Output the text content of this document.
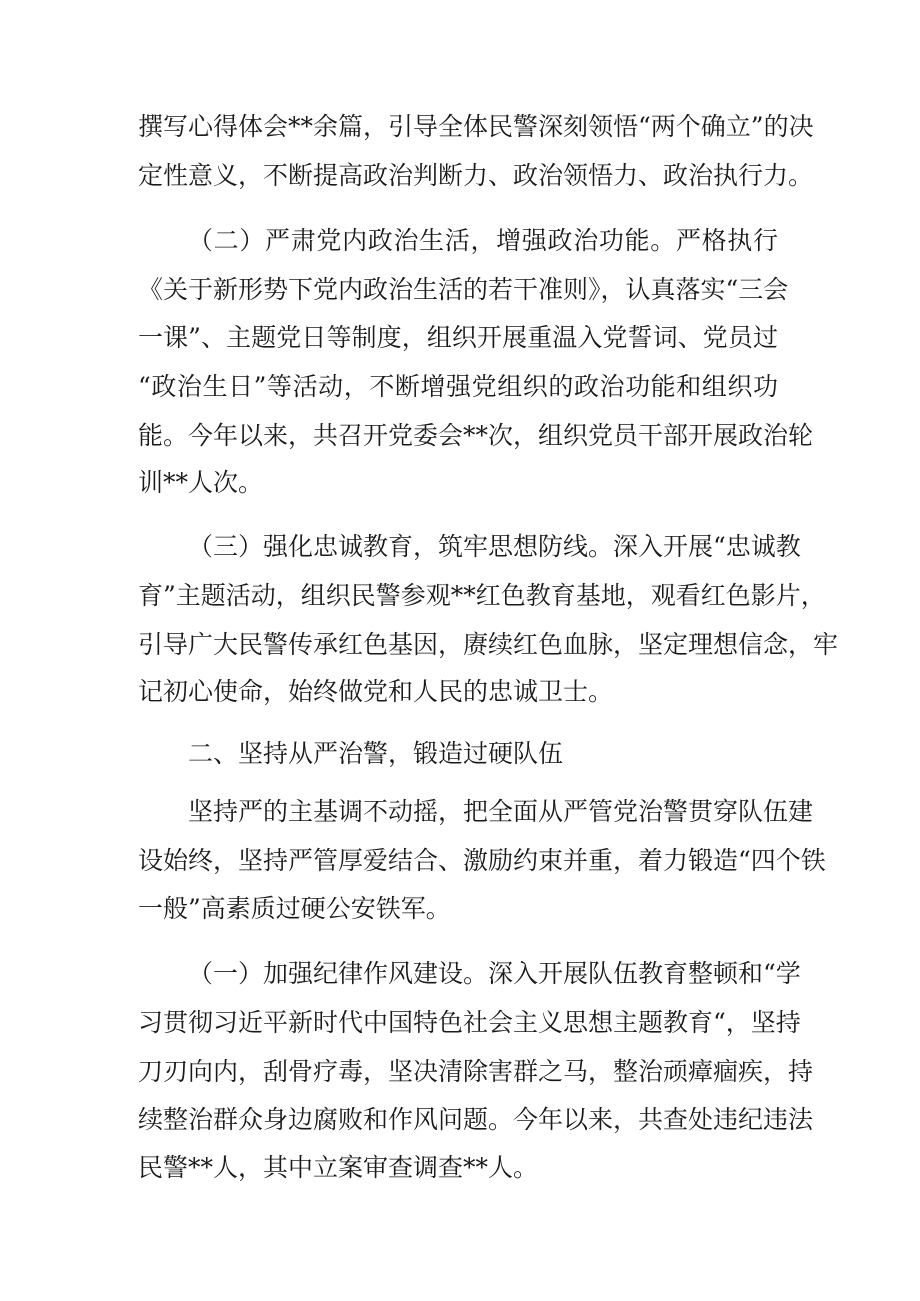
撰写心得体会**余篇，引导全体民警深刻领悟“两个确立”的决
定性意义，不断提高政治判断力、政治领悟力、政治执行力。
（二）严肃党内政治生活，增强政治功能。严格执行
《关于新形势下党内政治生活的若干准则》，认真落实“三会
一课”、主题党日等制度，组织开展重温入党誓词、党员过
“政治生日”等活动，不断增强党组织的政治功能和组织功
能。今年以来，共召开党委会**次，组织党员干部开展政治轮
训**人次。
（三）强化忠诚教育，筑牢思想防线。深入开展“忠诚教
育”主题活动，组织民警参观**红色教育基地，观看红色影片，
引导广大民警传承红色基因，赓续红色血脉，坚定理想信念，牢
记初心使命，始终做党和人民的忠诚卫士。
二、坚持从严治警，锻造过硬队伍
坚持严的主基调不动摇，把全面从严管党治警贯穿队伍建
设始终，坚持严管厚爱结合、激励约束并重，着力锻造“四个铁
一般”高素质过硬公安铁军。
（一）加强纪律作风建设。深入开展队伍教育整顿和“学
习贯彻习近平新时代中国特色社会主义思想主题教育“，坚持
刀刃向内，刮骨疗毒，坚决清除害群之马，整治顽瘴痼疾，持
续整治群众身边腐败和作风问题。今年以来，共查处违纪违法
民警**人，其中立案审查调查**人。
